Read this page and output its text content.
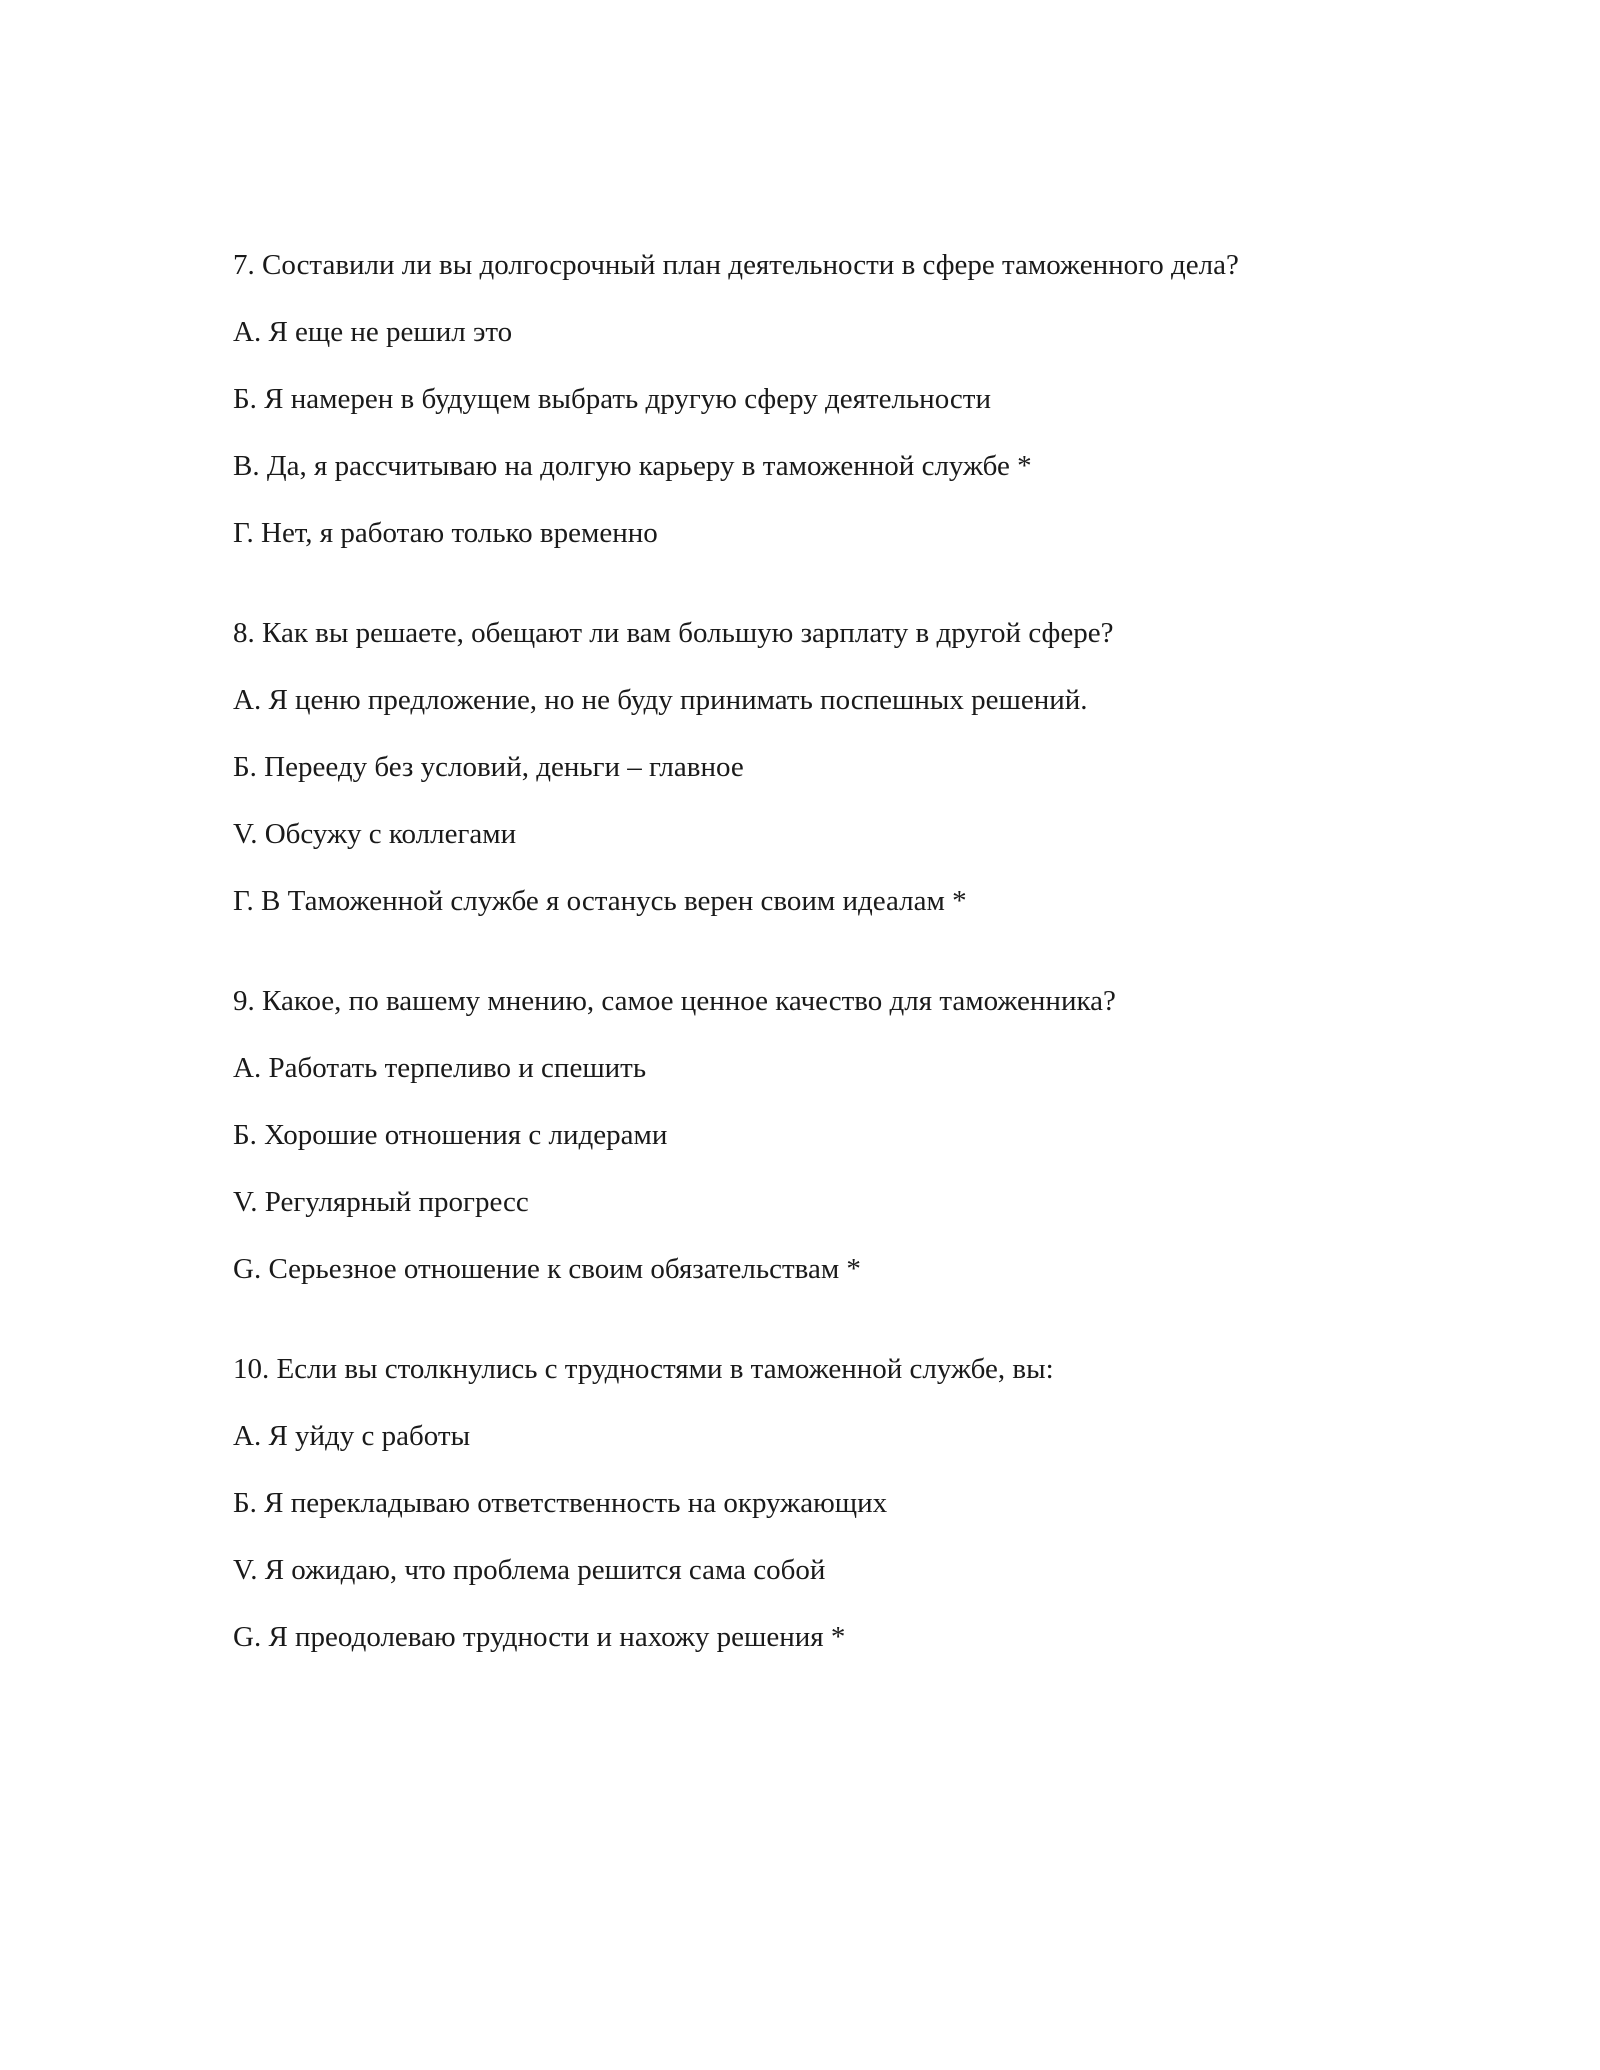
7. Составили ли вы долгосрочный план деятельности в сфере таможенного дела?

А. Я еще не решил это

Б. Я намерен в будущем выбрать другую сферу деятельности

В. Да, я рассчитываю на долгую карьеру в таможенной службе *

Г. Нет, я работаю только временно

8. Как вы решаете, обещают ли вам большую зарплату в другой сфере?

А. Я ценю предложение, но не буду принимать поспешных решений.

Б. Перееду без условий, деньги – главное

V. Обсужу с коллегами

Г. В Таможенной службе я останусь верен своим идеалам *

9. Какое, по вашему мнению, самое ценное качество для таможенника?

А. Работать терпеливо и спешить

Б. Хорошие отношения с лидерами

V. Регулярный прогресс

G. Серьезное отношение к своим обязательствам *

10. Если вы столкнулись с трудностями в таможенной службе, вы:

А. Я уйду с работы

Б. Я перекладываю ответственность на окружающих

V. Я ожидаю, что проблема решится сама собой

G. Я преодолеваю трудности и нахожу решения *
